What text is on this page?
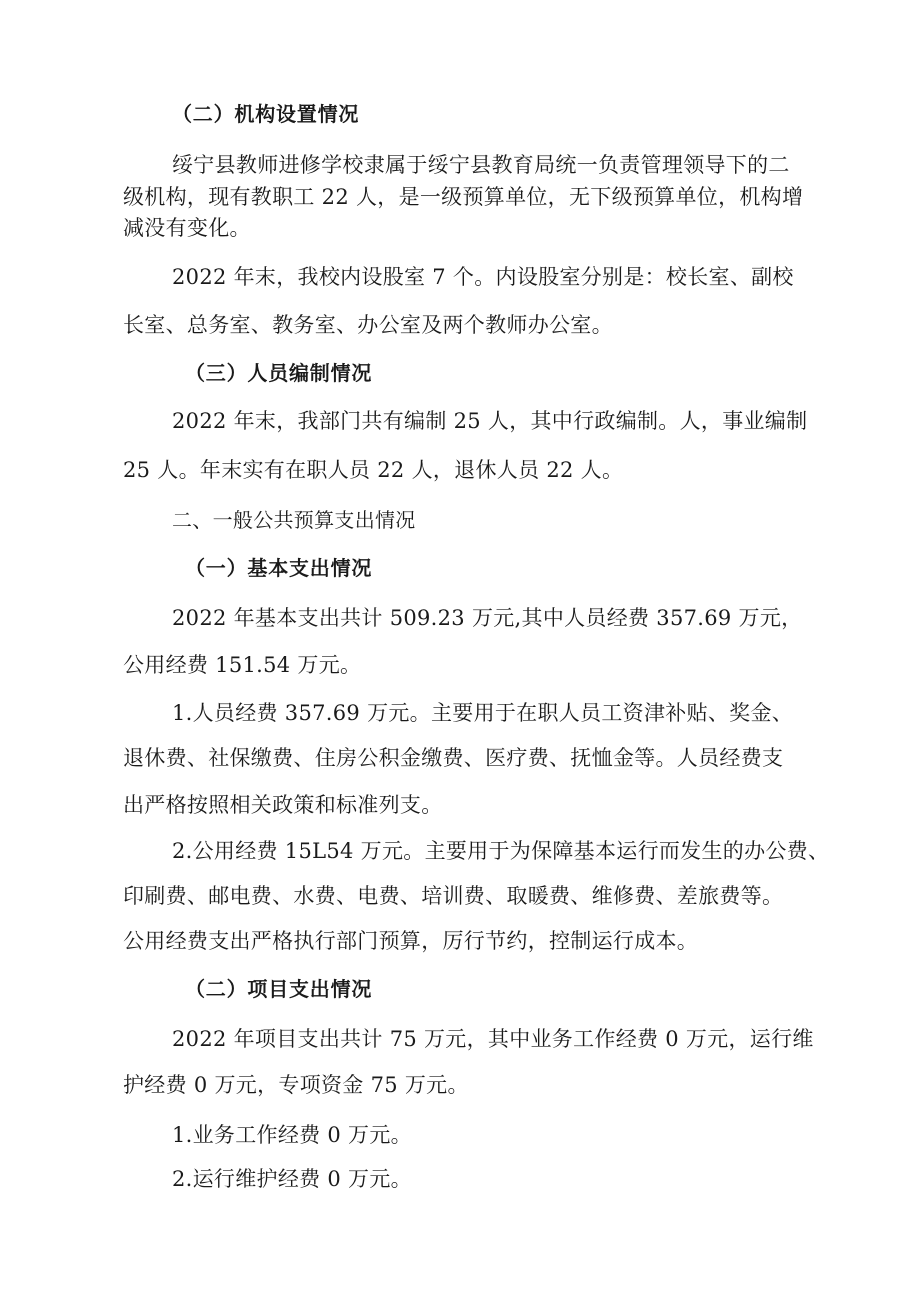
（二）机构设置情况
绥宁县教师进修学校隶属于绥宁县教育局统一负责管理领导下的二
级机构，现有教职工 22 人，是一级预算单位，无下级预算单位，机构增
减没有变化。
2022 年末，我校内设股室 7 个。内设股室分别是：校长室、副校
长室、总务室、教务室、办公室及两个教师办公室。
（三）人员编制情况
2022 年末，我部门共有编制 25 人，其中行政编制。人，事业编制
25 人。年末实有在职人员 22 人，退休人员 22 人。
二、一般公共预算支出情况
（一）基本支出情况
2022 年基本支出共计 509.23 万元,其中人员经费 357.69 万元，
公用经费 151.54 万元。
1.人员经费 357.69 万元。主要用于在职人员工资津补贴、奖金、
退休费、社保缴费、住房公积金缴费、医疗费、抚恤金等。人员经费支
出严格按照相关政策和标准列支。
2.公用经费 15L54 万元。主要用于为保障基本运行而发生的办公费、
印刷费、邮电费、水费、电费、培训费、取暖费、维修费、差旅费等。
公用经费支出严格执行部门预算，厉行节约，控制运行成本。
（二）项目支出情况
2022 年项目支出共计 75 万元，其中业务工作经费 0 万元，运行维
护经费 0 万元，专项资金 75 万元。
1.业务工作经费 0 万元。
2.运行维护经费 0 万元。
